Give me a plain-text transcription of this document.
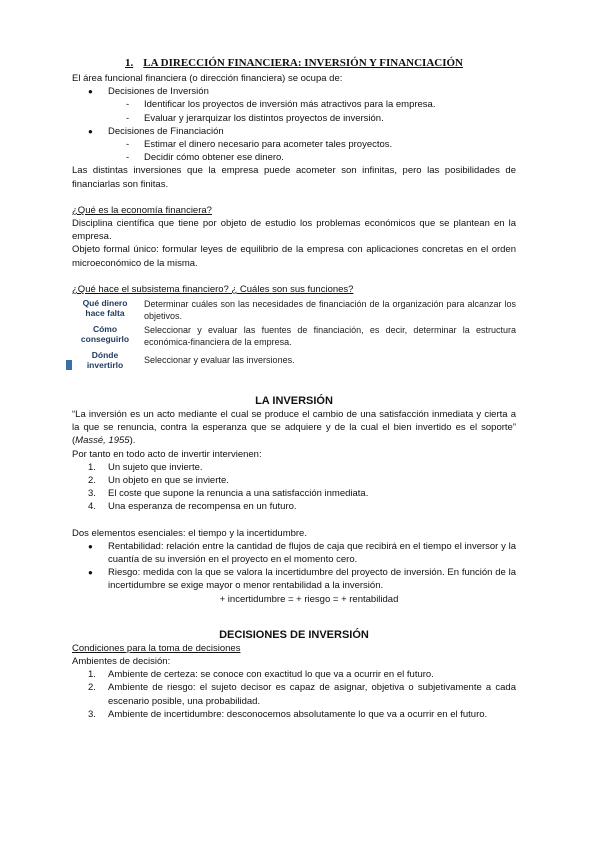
1. LA DIRECCIÓN FINANCIERA: INVERSIÓN Y FINANCIACIÓN

El área funcional financiera (o dirección financiera) se ocupa de:

● Decisiones de Inversión
- Identificar los proyectos de inversión más atractivos para la empresa.
- Evaluar y jerarquizar los distintos proyectos de inversión.
● Decisiones de Financiación
- Estimar el dinero necesario para acometer tales proyectos.
- Decidir cómo obtener ese dinero.

Las distintas inversiones que la empresa puede acometer son infinitas, pero las posibilidades de financiarlas son finitas.

¿Qué es la economía financiera?

Disciplina científica que tiene por objeto de estudio los problemas económicos que se plantean en la empresa.

Objeto formal único: formular leyes de equilibrio de la empresa con aplicaciones concretas en el orden microeconómico de la misma.

¿Qué hace el subsistema financiero? ¿ Cuáles son sus funciones?

Qué dinero
hace falta
Determinar cuáles son las necesidades de financiación de la organización para alcanzar los objetivos.
Cómo
conseguirlo
Seleccionar y evaluar las fuentes de financiación, es decir, determinar la estructura económica-financiera de la empresa.
Dónde
invertirlo	Seleccionar y evaluar las inversiones.
LA INVERSIÓN

“La inversión es un acto mediante el cual se produce el cambio de una satisfacción inmediata y cierta a la que se renuncia, contra la esperanza que se adquiere y de la cual el bien invertido es el soporte” (Massé, 1955).

Por tanto en todo acto de invertir intervienen:

1. Un sujeto que invierte.
2. Un objeto en que se invierte.
3. El coste que supone la renuncia a una satisfacción inmediata.
4. Una esperanza de recompensa en un futuro.

Dos elementos esenciales: el tiempo y la incertidumbre.

● Rentabilidad: relación entre la cantidad de flujos de caja que recibirá en el tiempo el inversor y la cuantía de su inversión en el proyecto en el momento cero.
● Riesgo: medida con la que se valora la incertidumbre del proyecto de inversión. En función de la incertidumbre se exige mayor o menor rentabilidad a la inversión.

+ incertidumbre = + riesgo = + rentabilidad

DECISIONES DE INVERSIÓN

Condiciones para la toma de decisiones

Ambientes de decisión:

1. Ambiente de certeza: se conoce con exactitud lo que va a ocurrir en el futuro.
2. Ambiente de riesgo: el sujeto decisor es capaz de asignar, objetiva o subjetivamente a cada escenario posible, una probabilidad.
3. Ambiente de incertidumbre: desconocemos absolutamente lo que va a ocurrir en el futuro.
